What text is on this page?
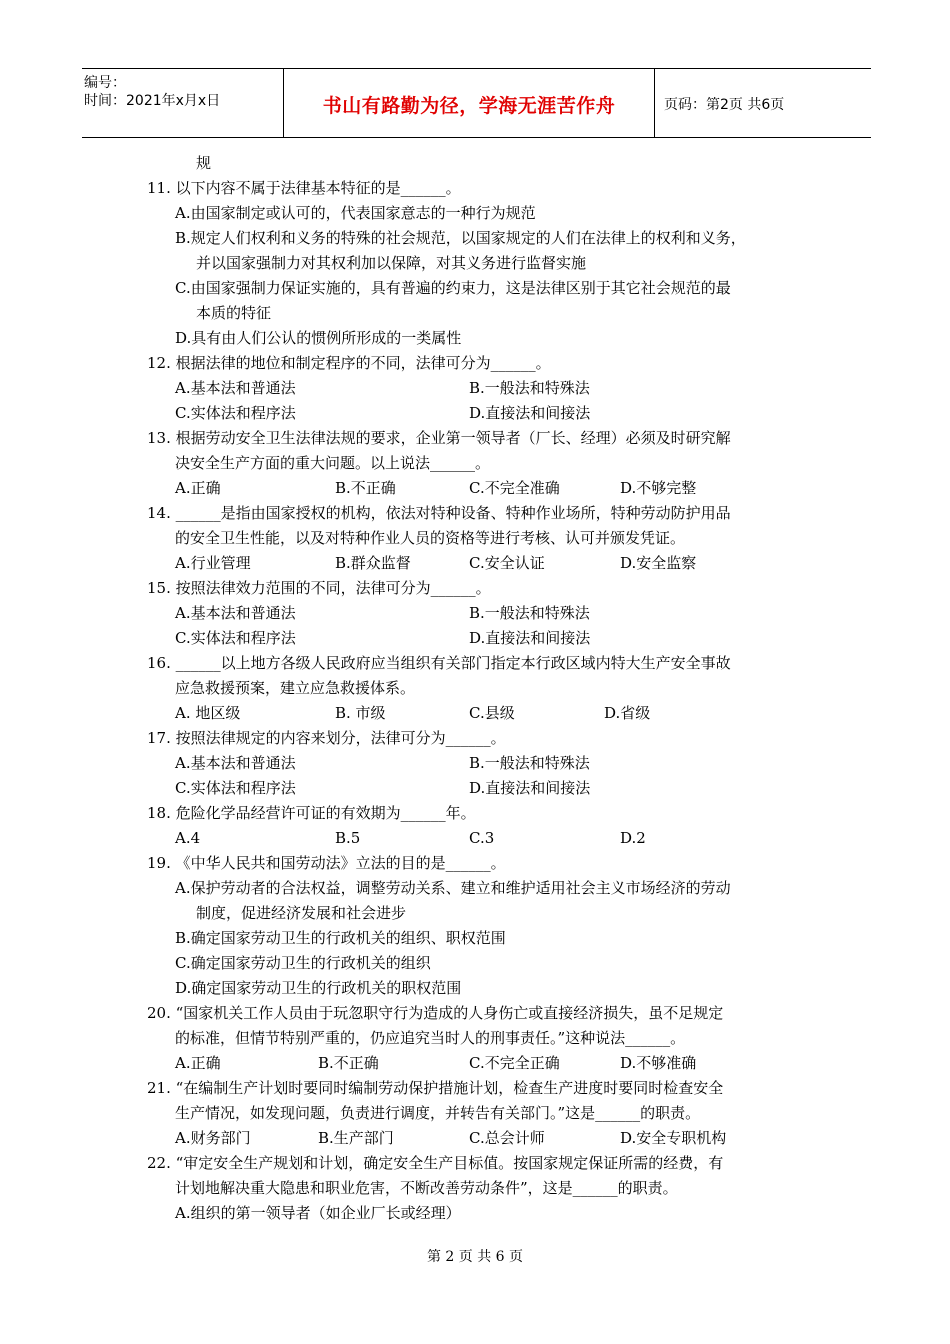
编号：
时间：2021年x月x日	书山有路勤为径，学海无涯苦作舟	页码：第2页 共6页
规
11. 以下内容不属于法律基本特征的是______。
A.由国家制定或认可的，代表国家意志的一种行为规范
B.规定人们权利和义务的特殊的社会规范，以国家规定的人们在法律上的权利和义务，
并以国家强制力对其权利加以保障，对其义务进行监督实施
C.由国家强制力保证实施的，具有普遍的约束力，这是法律区别于其它社会规范的最
本质的特征
D.具有由人们公认的惯例所形成的一类属性
12. 根据法律的地位和制定程序的不同，法律可分为______。
13. 根据劳动安全卫生法律法规的要求，企业第一领导者（厂长、经理）必须及时研究解
决安全生产方面的重大问题。以上说法______。
14. ______是指由国家授权的机构，依法对特种设备、特种作业场所，特种劳动防护用品
的安全卫生性能，以及对特种作业人员的资格等进行考核、认可并颁发凭证。
15. 按照法律效力范围的不同，法律可分为______。
16. ______以上地方各级人民政府应当组织有关部门指定本行政区域内特大生产安全事故
应急救援预案，建立应急救援体系。
17. 按照法律规定的内容来划分，法律可分为______。
18. 危险化学品经营许可证的有效期为______年。
19. 《中华人民共和国劳动法》立法的目的是______。
A.保护劳动者的合法权益，调整劳动关系、建立和维护适用社会主义市场经济的劳动
制度，促进经济发展和社会进步
B.确定国家劳动卫生的行政机关的组织、职权范围
C.确定国家劳动卫生的行政机关的组织
D.确定国家劳动卫生的行政机关的职权范围
20. “国家机关工作人员由于玩忽职守行为造成的人身伤亡或直接经济损失，虽不足规定
的标准，但情节特别严重的，仍应追究当时人的刑事责任。”这种说法______。
21. “在编制生产计划时要同时编制劳动保护措施计划，检查生产进度时要同时检查安全
生产情况，如发现问题，负责进行调度，并转告有关部门。”这是______的职责。
22. “审定安全生产规划和计划，确定安全生产目标值。按国家规定保证所需的经费，有
计划地解决重大隐患和职业危害，不断改善劳动条件”，这是______的职责。
A.组织的第一领导者（如企业厂长或经理）
A.基本法和普通法	B.一般法和特殊法
C.实体法和程序法	D.直接法和间接法
A.正确	B.不正确	C.不完全准确	D.不够完整
A.行业管理	B.群众监督	C.安全认证	D.安全监察
A.基本法和普通法	B.一般法和特殊法
C.实体法和程序法	D.直接法和间接法
A. 地区级	B. 市级	C.县级	D.省级
A.基本法和普通法	B.一般法和特殊法
C.实体法和程序法	D.直接法和间接法
A.4	B.5	C.3	D.2
A.正确	B.不正确	C.不完全正确	D.不够准确
A.财务部门	B.生产部门	C.总会计师	D.安全专职机构
第 2 页 共 6 页
